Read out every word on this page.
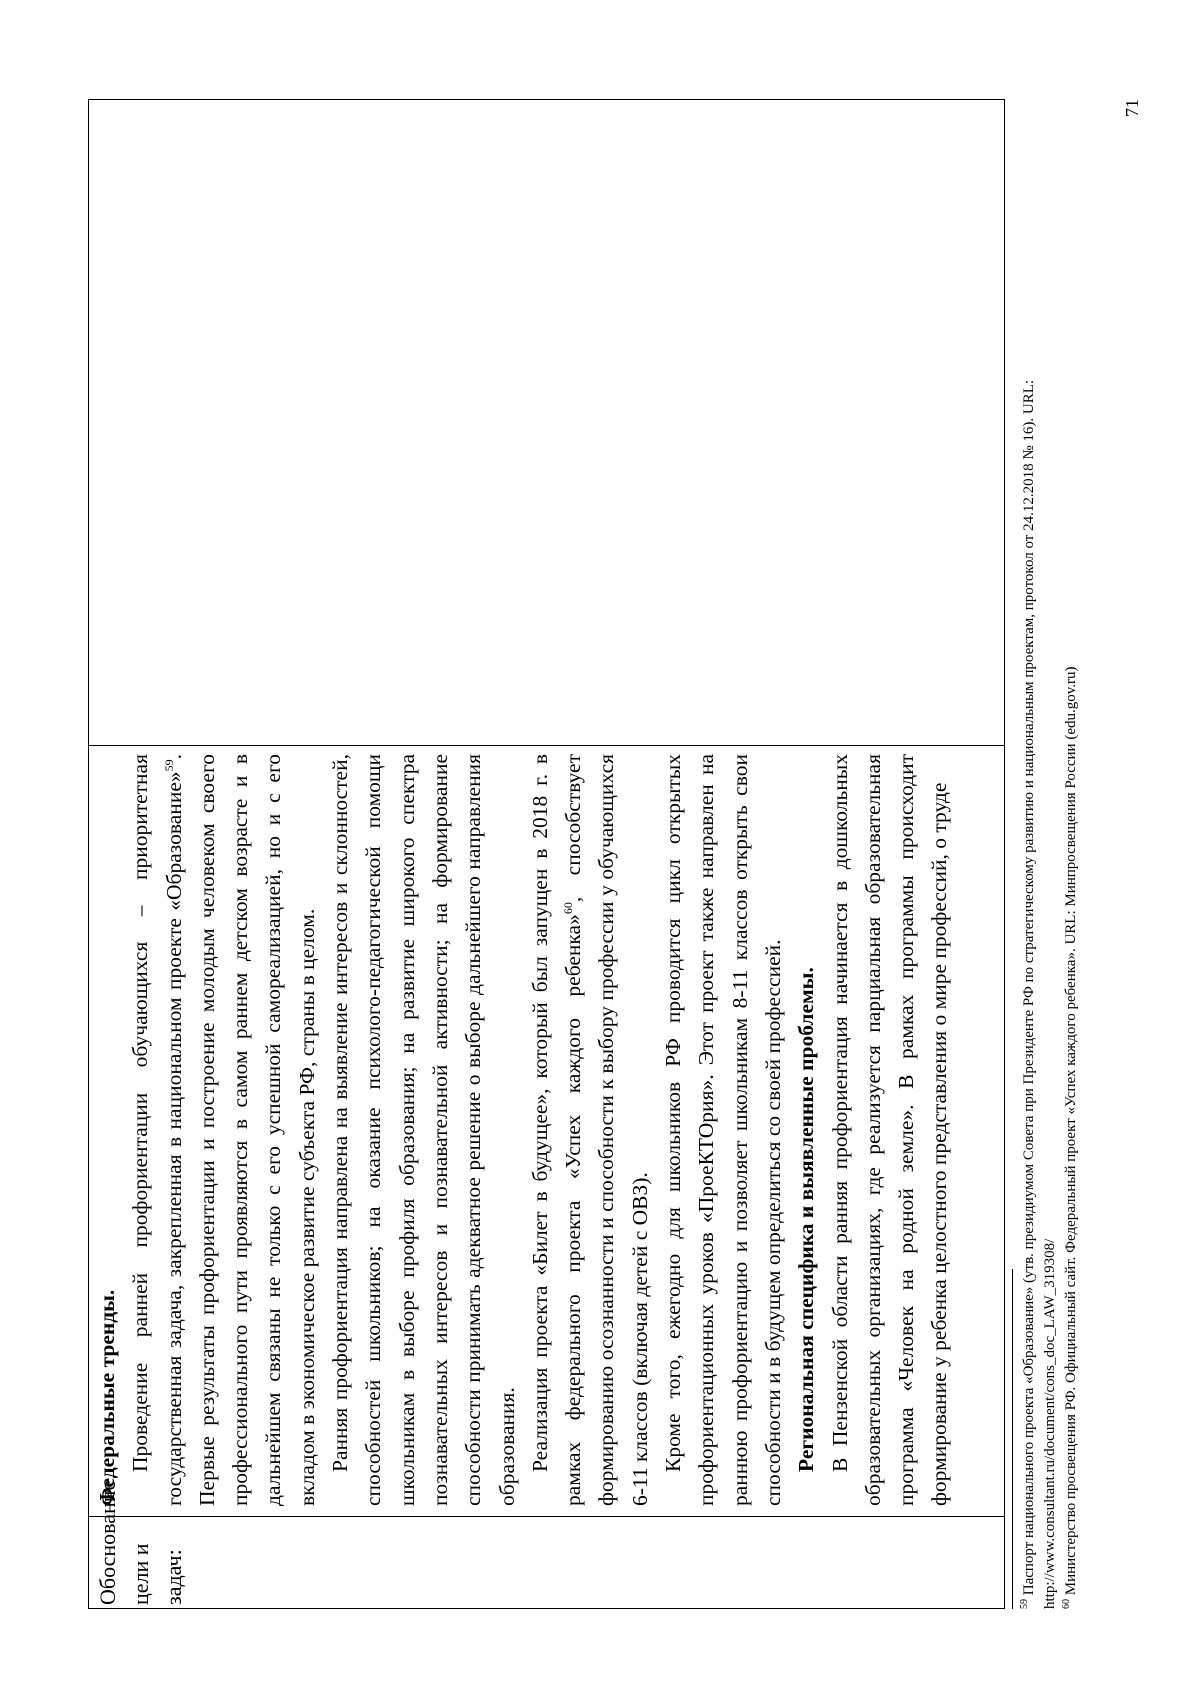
Обоснование цели и задач:

Федеральные тренды. Проведение ранней профориентации обучающихся – приоритетная государственная задача, закрепленная в национальном проекте «Образование»$^{59}$. Первые результаты профориентации и построение молодым человеком своего профессионального пути проявляются в самом раннем детском возрасте и в дальнейшем связаны не только с его успешной самореализацией, но и с его вкладом в экономическое развитие субъекта РФ, страны в целом. Ранняя профориентация направлена на выявление интересов и склонностей, способностей школьников; на оказание психолого-педагогической помощи школьникам в выборе профиля образования; на развитие широкого спектра познавательных интересов и познавательной активности; на формирование способности принимать адекватное решение о выборе дальнейшего направления образования. Реализация проекта «Билет в будущее», который был запущен в 2018 г. в рамках федерального проекта «Успех каждого ребенка»$^{60}$, способствует формированию осознанности и способности к выбору профессии у обучающихся 6-11 классов (включая детей с ОВЗ). Кроме того, ежегодно для школьников РФ проводится цикл открытых профориентационных уроков «ПроеКТОрия». Этот проект также направлен на раннюю профориентацию и позволяет школьникам 8-11 классов открыть свои способности и в будущем определиться со своей профессией. Региональная специфика и выявленные проблемы. В Пензенской области ранняя профориентация начинается в дошкольных образовательных организациях, где реализуется парциальная образовательная программа «Человек на родной земле». В рамках программы происходит формирование у ребенка целостного представления о мире профессий, о труде

$^{59}$ Паспорт национального проекта «Образование» (утв. президиумом Совета при Президенте РФ по стратегическому развитию и национальным проектам, протокол от 24.12.2018 № 16). URL: http://www.consultant.ru/document/cons_doc_LAW_319308/ $^{60}$ Министерство просвещения РФ. Официальный сайт. Федеральный проект «Успех каждого ребенка». URL: Минпросвещения России (edu.gov.ru)
71
